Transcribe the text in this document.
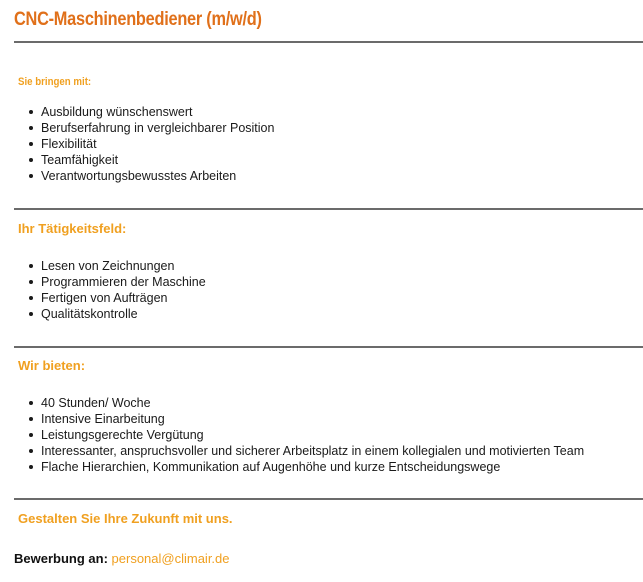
CNC-Maschinenbediener (m/w/d)
Sie bringen mit:
Ausbildung wünschenswert
Berufserfahrung in vergleichbarer Position
Flexibilität
Teamfähigkeit
Verantwortungsbewusstes Arbeiten
Ihr Tätigkeitsfeld:
Lesen von Zeichnungen
Programmieren der Maschine
Fertigen von Aufträgen
Qualitätskontrolle
Wir bieten:
40 Stunden/ Woche
Intensive Einarbeitung
Leistungsgerechte Vergütung
Interessanter, anspruchsvoller und sicherer Arbeitsplatz in einem kollegialen und motivierten Team
Flache Hierarchien, Kommunikation auf Augenhöhe und kurze Entscheidungswege
Gestalten Sie Ihre Zukunft mit uns.
Bewerbung an: personal@climair.de
